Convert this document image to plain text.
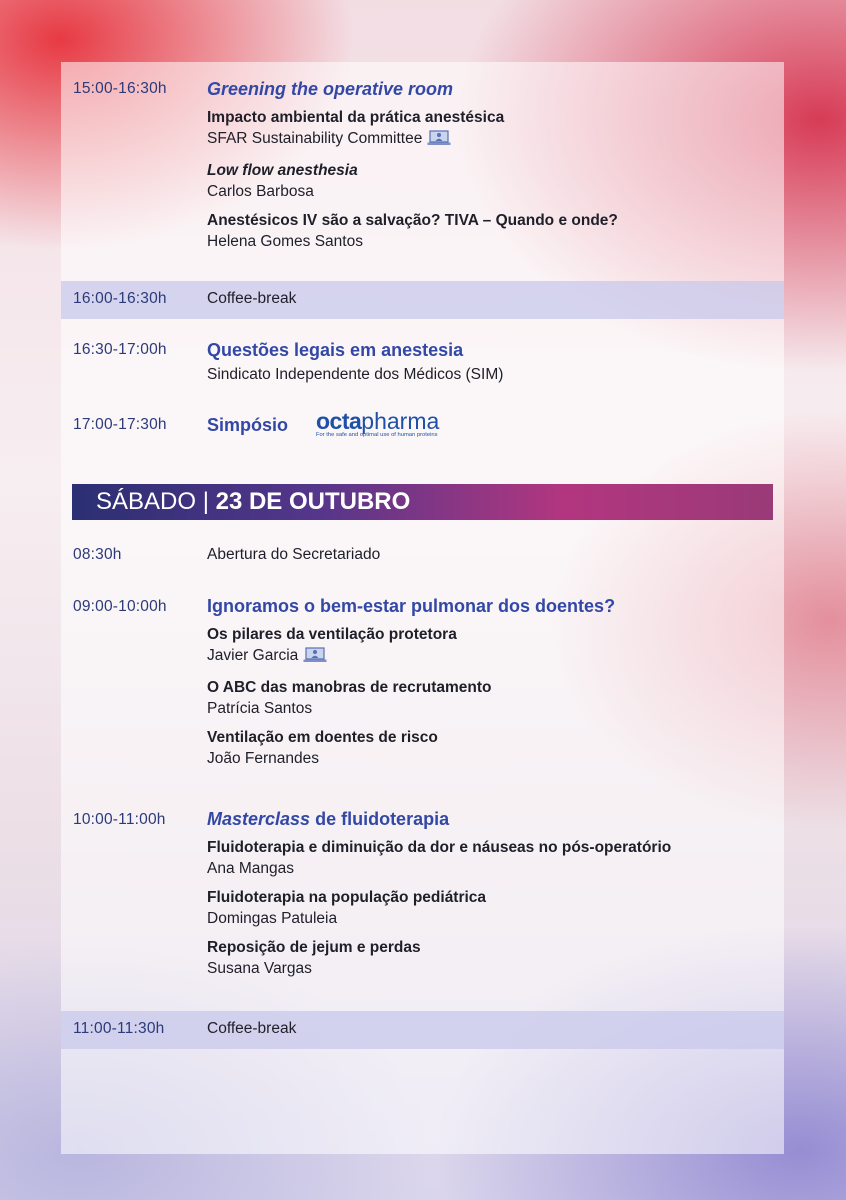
15:00-16:30h Greening the operative room
Impacto ambiental da prática anestésica
SFAR Sustainability Committee
Low flow anesthesia
Carlos Barbosa
Anestésicos IV são a salvação? TIVA – Quando e onde?
Helena Gomes Santos
16:00-16:30h	Coffee-break
16:30-17:00h Questões legais em anestesia
Sindicato Independente dos Médicos (SIM)
17:00-17:30h Simpósio	octapharma
For the safe and optimal use of human proteins
SÁBADO | 23 DE OUTUBRO
08:30h	Abertura do Secretariado
09:00-10:00h Ignoramos o bem-estar pulmonar dos doentes?
Os pilares da ventilação protetora
Javier Garcia
O ABC das manobras de recrutamento
Patrícia Santos
Ventilação em doentes de risco
João Fernandes
10:00-11:00h Masterclass de fluidoterapia
Fluidoterapia e diminuição da dor e náuseas no pós-operatório
Ana Mangas
Fluidoterapia na população pediátrica
Domingas Patuleia
Reposição de jejum e perdas
Susana Vargas
11:00-11:30h	Coffee-break
